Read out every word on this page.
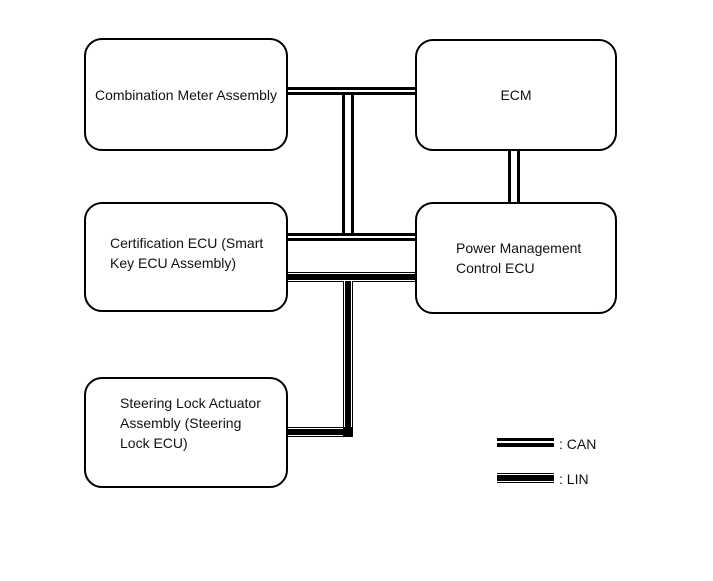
Combination Meter Assembly	ECM
Certification ECU (Smart
Key ECU Assembly)
Power Management
Control ECU
Steering Lock Actuator
Assembly (Steering
Lock ECU)	: CAN
: LIN
